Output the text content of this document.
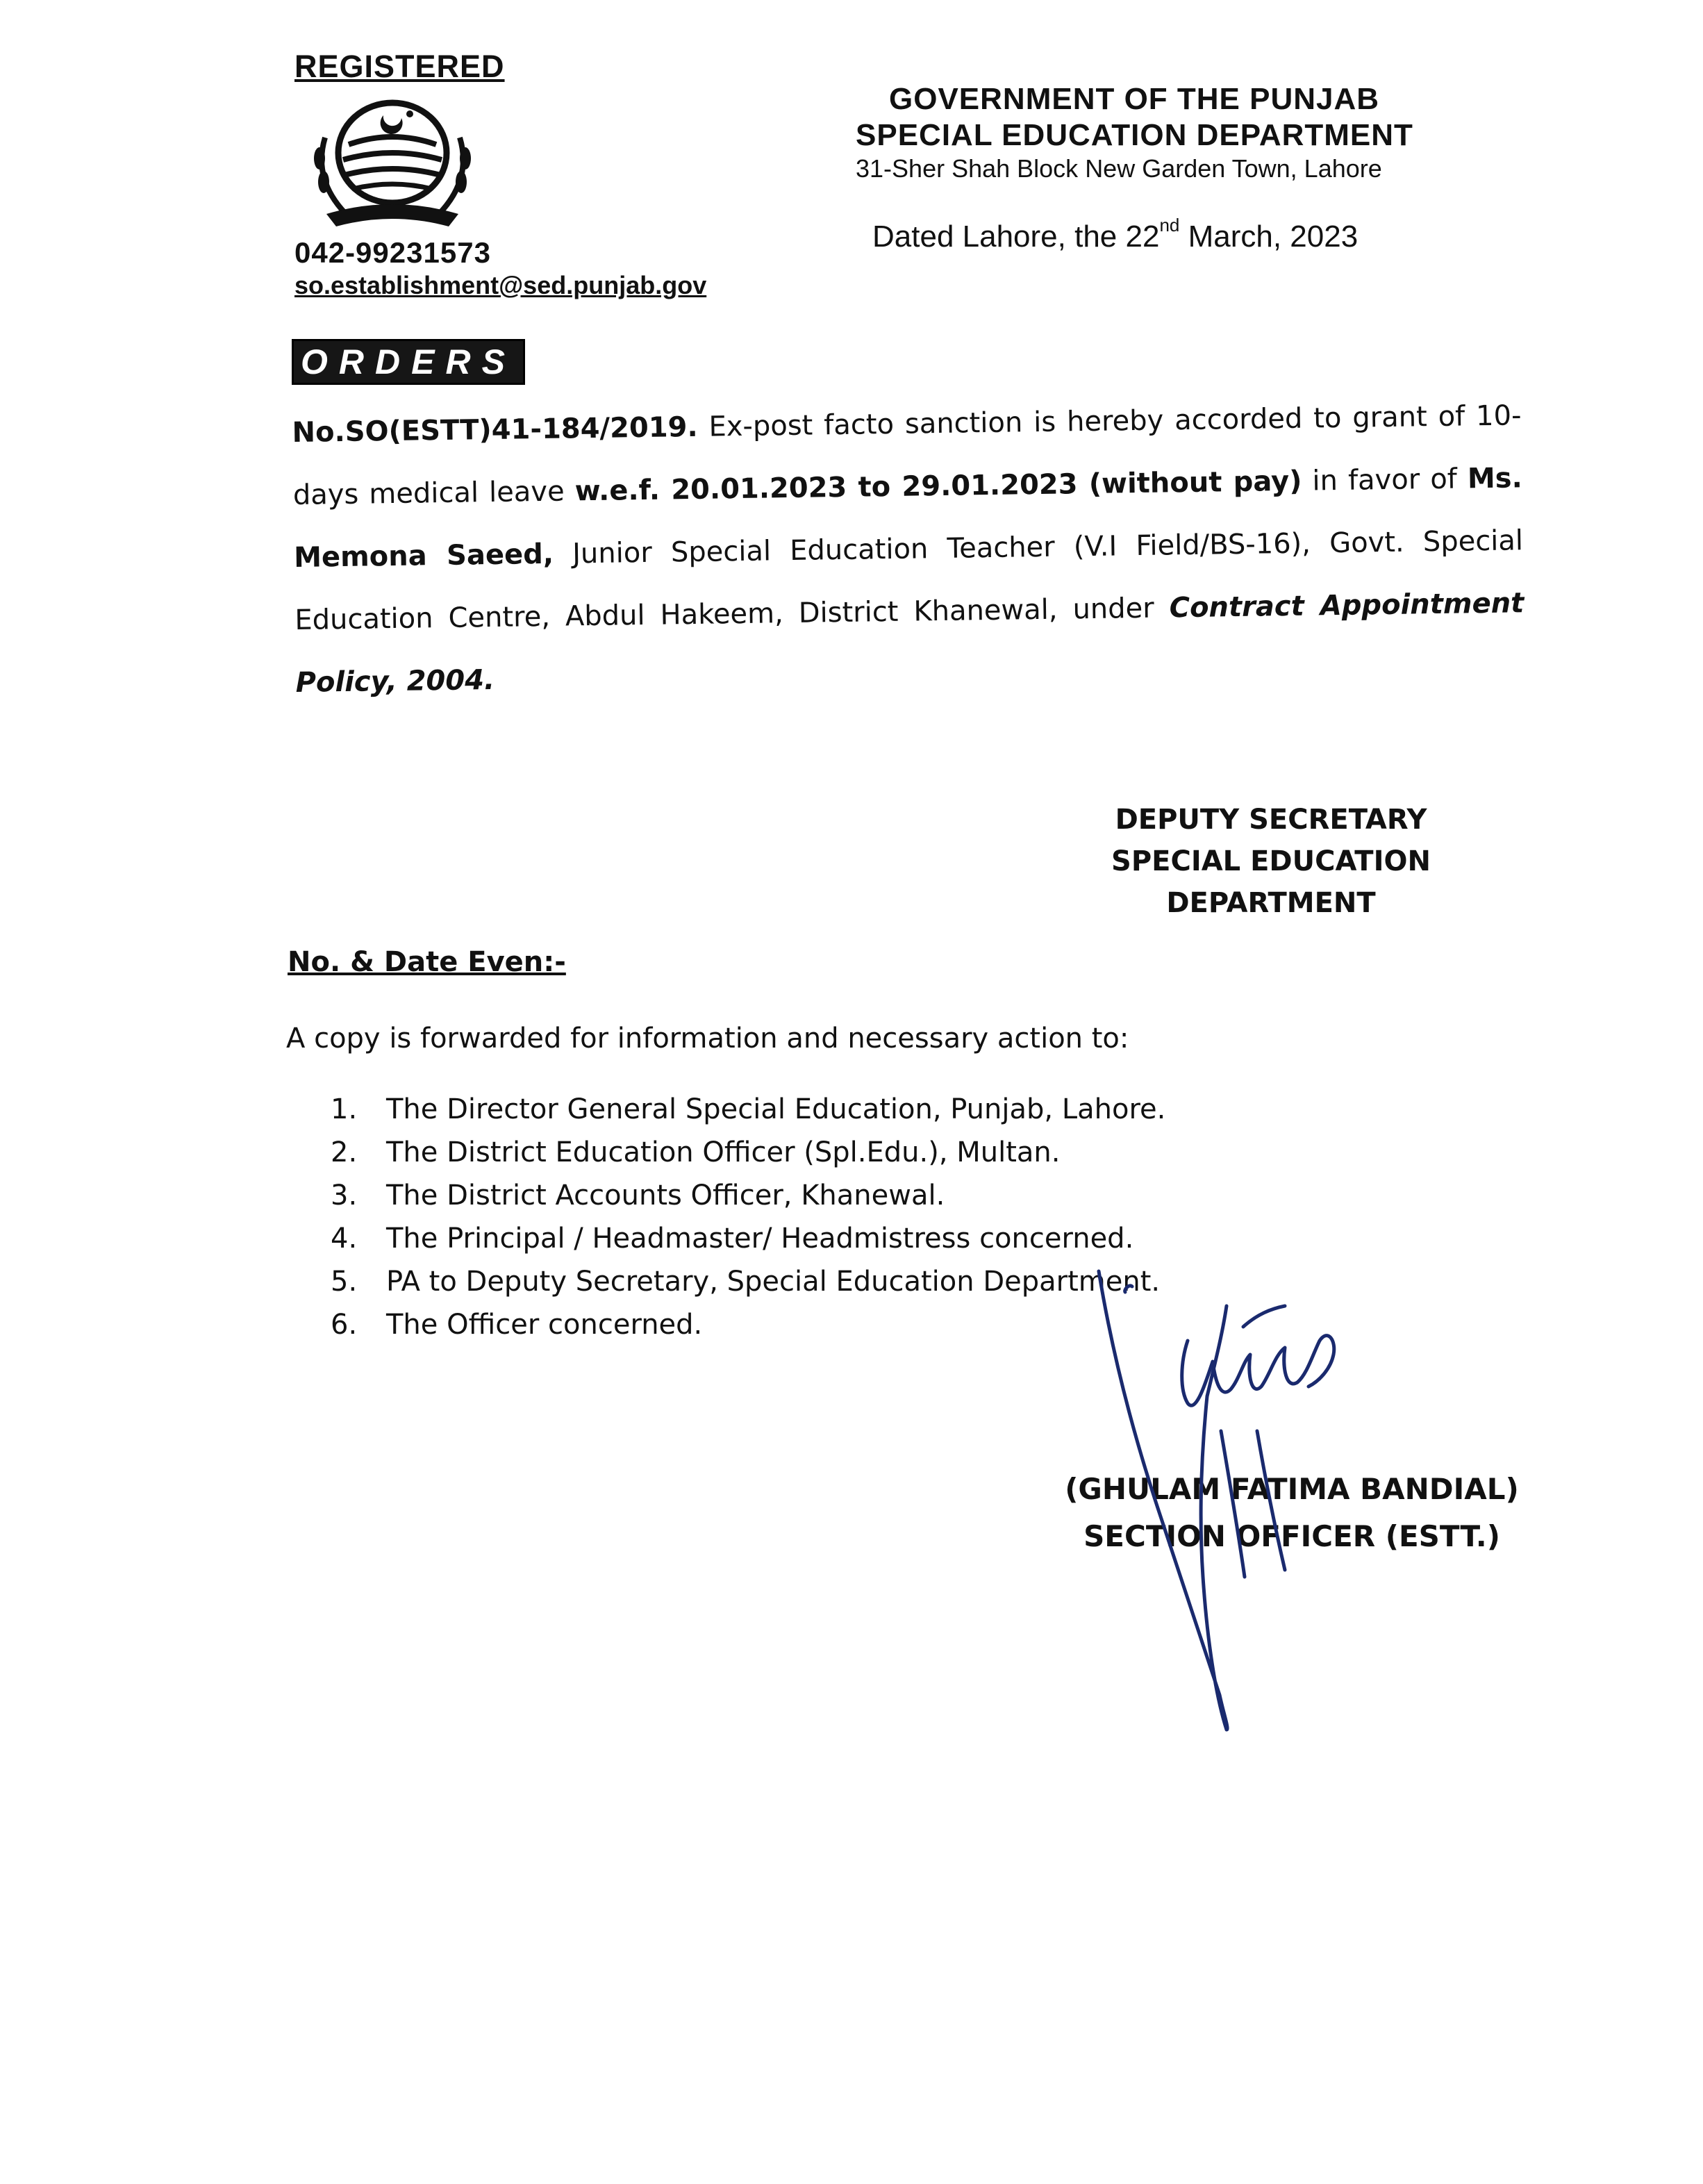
REGISTERED
042-99231573
so.establishment@sed.punjab.gov
GOVERNMENT OF THE PUNJAB
SPECIAL EDUCATION DEPARTMENT
31-Sher Shah Block New Garden Town, Lahore
Dated Lahore, the 22nd March, 2023
ORDERS
No.SO(ESTT)41-184/2019. Ex-post facto sanction is hereby accorded to grant of 10-days medical leave w.e.f. 20.01.2023 to 29.01.2023 (without pay) in favor of Ms. Memona Saeed, Junior Special Education Teacher (V.I Field/BS-16), Govt. Special Education Centre, Abdul Hakeem, District Khanewal, under Contract Appointment Policy, 2004.
DEPUTY SECRETARY
SPECIAL EDUCATION
DEPARTMENT
No. & Date Even:-
A copy is forwarded for information and necessary action to:
1.	The Director General Special Education, Punjab, Lahore.
2.	The District Education Officer (Spl.Edu.), Multan.
3.	The District Accounts Officer, Khanewal.
4.	The Principal / Headmaster/ Headmistress concerned.
5.	PA to Deputy Secretary, Special Education Department.
6.	The Officer concerned.
(GHULAM FATIMA BANDIAL)
SECTION OFFICER (ESTT.)
